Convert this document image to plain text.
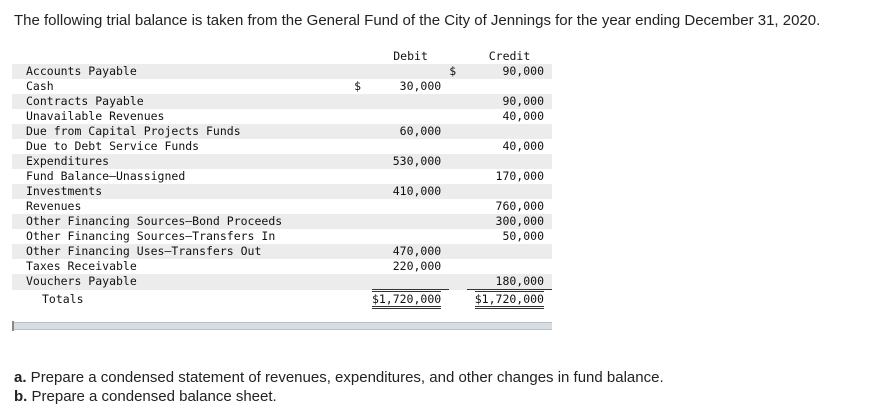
The following trial balance is taken from the General Fund of the City of Jennings for the year ending December 31, 2020.
		Debit		Credit
Accounts Payable			$	90,000
Cash	$	30,000		
Contracts Payable				90,000
Unavailable Revenues				40,000
Due from Capital Projects Funds		60,000		
Due to Debt Service Funds				40,000
Expenditures		530,000		
Fund Balance—Unassigned				170,000
Investments		410,000		
Revenues				760,000
Other Financing Sources—Bond Proceeds				300,000
Other Financing Sources—Transfers In				50,000
Other Financing Uses—Transfers Out		470,000		
Taxes Receivable		220,000		
Vouchers Payable				180,000
Totals		$1,720,000		$1,720,000
a. Prepare a condensed statement of revenues, expenditures, and other changes in fund balance.
b. Prepare a condensed balance sheet.
